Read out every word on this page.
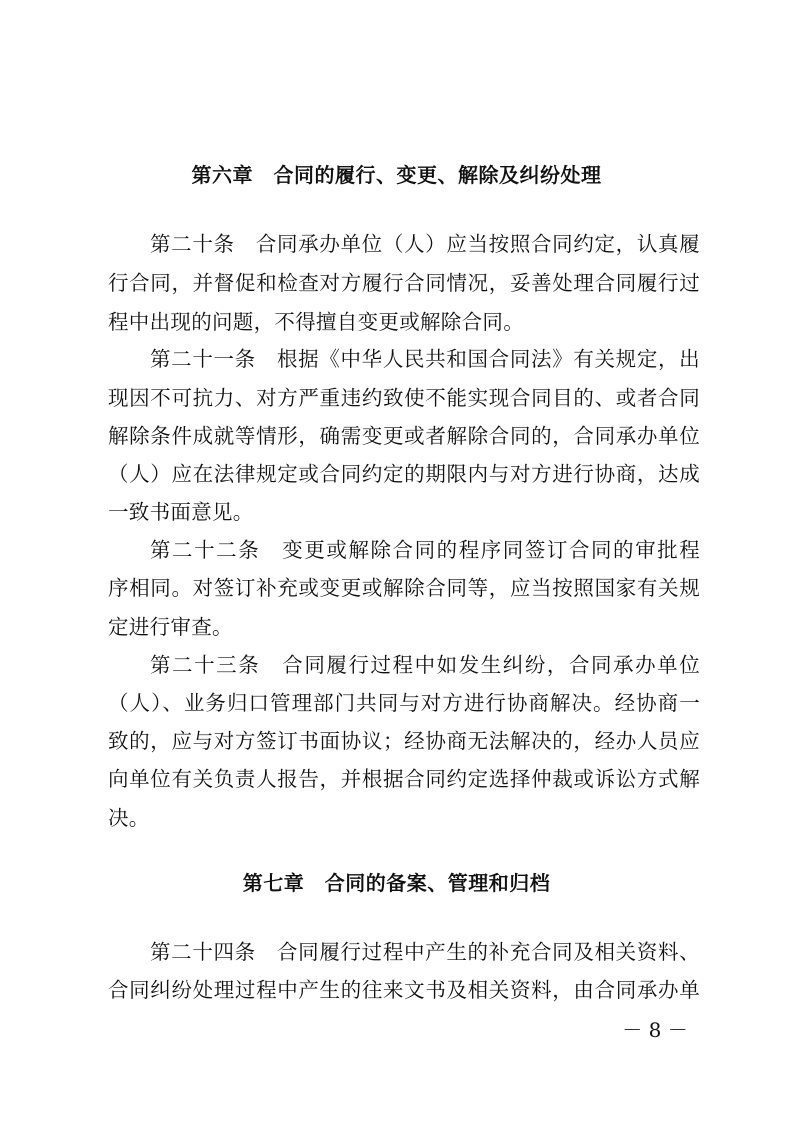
第六章　合同的履行、变更、解除及纠纷处理
第二十条　合同承办单位（人）应当按照合同约定，认真履
行合同，并督促和检查对方履行合同情况，妥善处理合同履行过
程中出现的问题，不得擅自变更或解除合同。
第二十一条　根据《中华人民共和国合同法》有关规定，出
现因不可抗力、对方严重违约致使不能实现合同目的、或者合同
解除条件成就等情形，确需变更或者解除合同的，合同承办单位
（人）应在法律规定或合同约定的期限内与对方进行协商，达成
一致书面意见。
第二十二条　变更或解除合同的程序同签订合同的审批程
序相同。对签订补充或变更或解除合同等，应当按照国家有关规
定进行审查。
第二十三条　合同履行过程中如发生纠纷，合同承办单位
（人）、业务归口管理部门共同与对方进行协商解决。经协商一
致的，应与对方签订书面协议；经协商无法解决的，经办人员应
向单位有关负责人报告，并根据合同约定选择仲裁或诉讼方式解
决。
第七章　合同的备案、管理和归档
第二十四条　合同履行过程中产生的补充合同及相关资料、
合同纠纷处理过程中产生的往来文书及相关资料，由合同承办单
－ 8 －
